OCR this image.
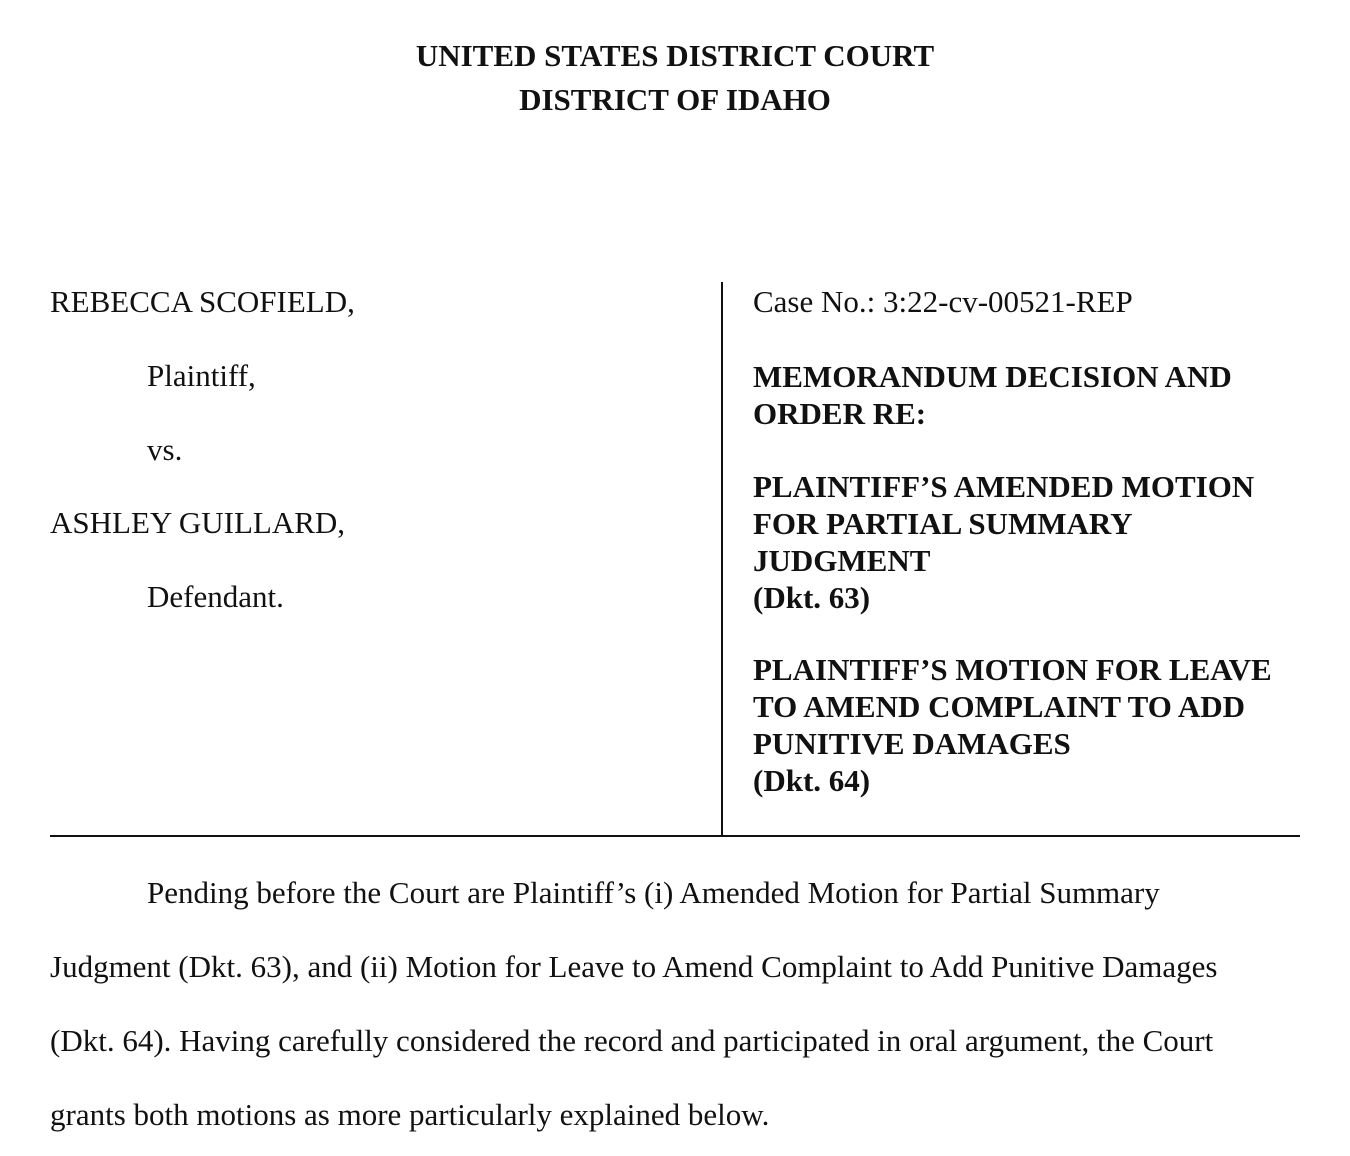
UNITED STATES DISTRICT COURT
DISTRICT OF IDAHO
REBECCA SCOFIELD,
Plaintiff,
vs.
ASHLEY GUILLARD,
Defendant.
Case No.: 3:22-cv-00521-REP
MEMORANDUM DECISION AND
ORDER RE:
PLAINTIFF’S AMENDED MOTION
FOR PARTIAL SUMMARY
JUDGMENT
(Dkt. 63)
PLAINTIFF’S MOTION FOR LEAVE
TO AMEND COMPLAINT TO ADD
PUNITIVE DAMAGES
(Dkt. 64)
Pending before the Court are Plaintiff’s (i) Amended Motion for Partial Summary
Judgment (Dkt. 63), and (ii) Motion for Leave to Amend Complaint to Add Punitive Damages
(Dkt. 64). Having carefully considered the record and participated in oral argument, the Court
grants both motions as more particularly explained below.
